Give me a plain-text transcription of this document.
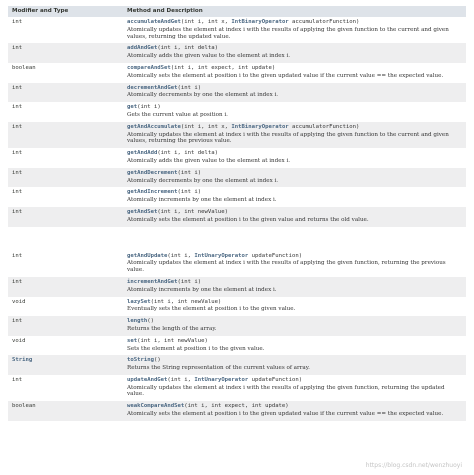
Modifier and Type	Method and Description
int	accumulateAndGet(int i, int x, IntBinaryOperator accumulatorFunction)
Atomically updates the element at index i with the results of applying the given function to the current and given values, returning the updated value.

int	addAndGet(int i, int delta)
Atomically adds the given value to the element at index i.

boolean	compareAndSet(int i, int expect, int update)
Atomically sets the element at position i to the given updated value if the current value == the expected value.

int	decrementAndGet(int i)
Atomically decrements by one the element at index i.

int	get(int i)
Gets the current value at position i.

int	getAndAccumulate(int i, int x, IntBinaryOperator accumulatorFunction)
Atomically updates the element at index i with the results of applying the given function to the current and given values, returning the previous value.

int	getAndAdd(int i, int delta)
Atomically adds the given value to the element at index i.

int	getAndDecrement(int i)
Atomically decrements by one the element at index i.

int	getAndIncrement(int i)
Atomically increments by one the element at index i.

int	getAndSet(int i, int newValue)
Atomically sets the element at position i to the given value and returns the old value.

int	getAndUpdate(int i, IntUnaryOperator updateFunction)
Atomically updates the element at index i with the results of applying the given function, returning the previous value.

int	incrementAndGet(int i)
Atomically increments by one the element at index i.

void	lazySet(int i, int newValue)
Eventually sets the element at position i to the given value.

int	length()
Returns the length of the array.

void	set(int i, int newValue)
Sets the element at position i to the given value.

String	toString()
Returns the String representation of the current values of array.

int	updateAndGet(int i, IntUnaryOperator updateFunction)
Atomically updates the element at index i with the results of applying the given function, returning the updated value.

boolean	weakCompareAndSet(int i, int expect, int update)
Atomically sets the element at position i to the given updated value if the current value == the expected value.
https://blog.csdn.net/wenzhuoyi
